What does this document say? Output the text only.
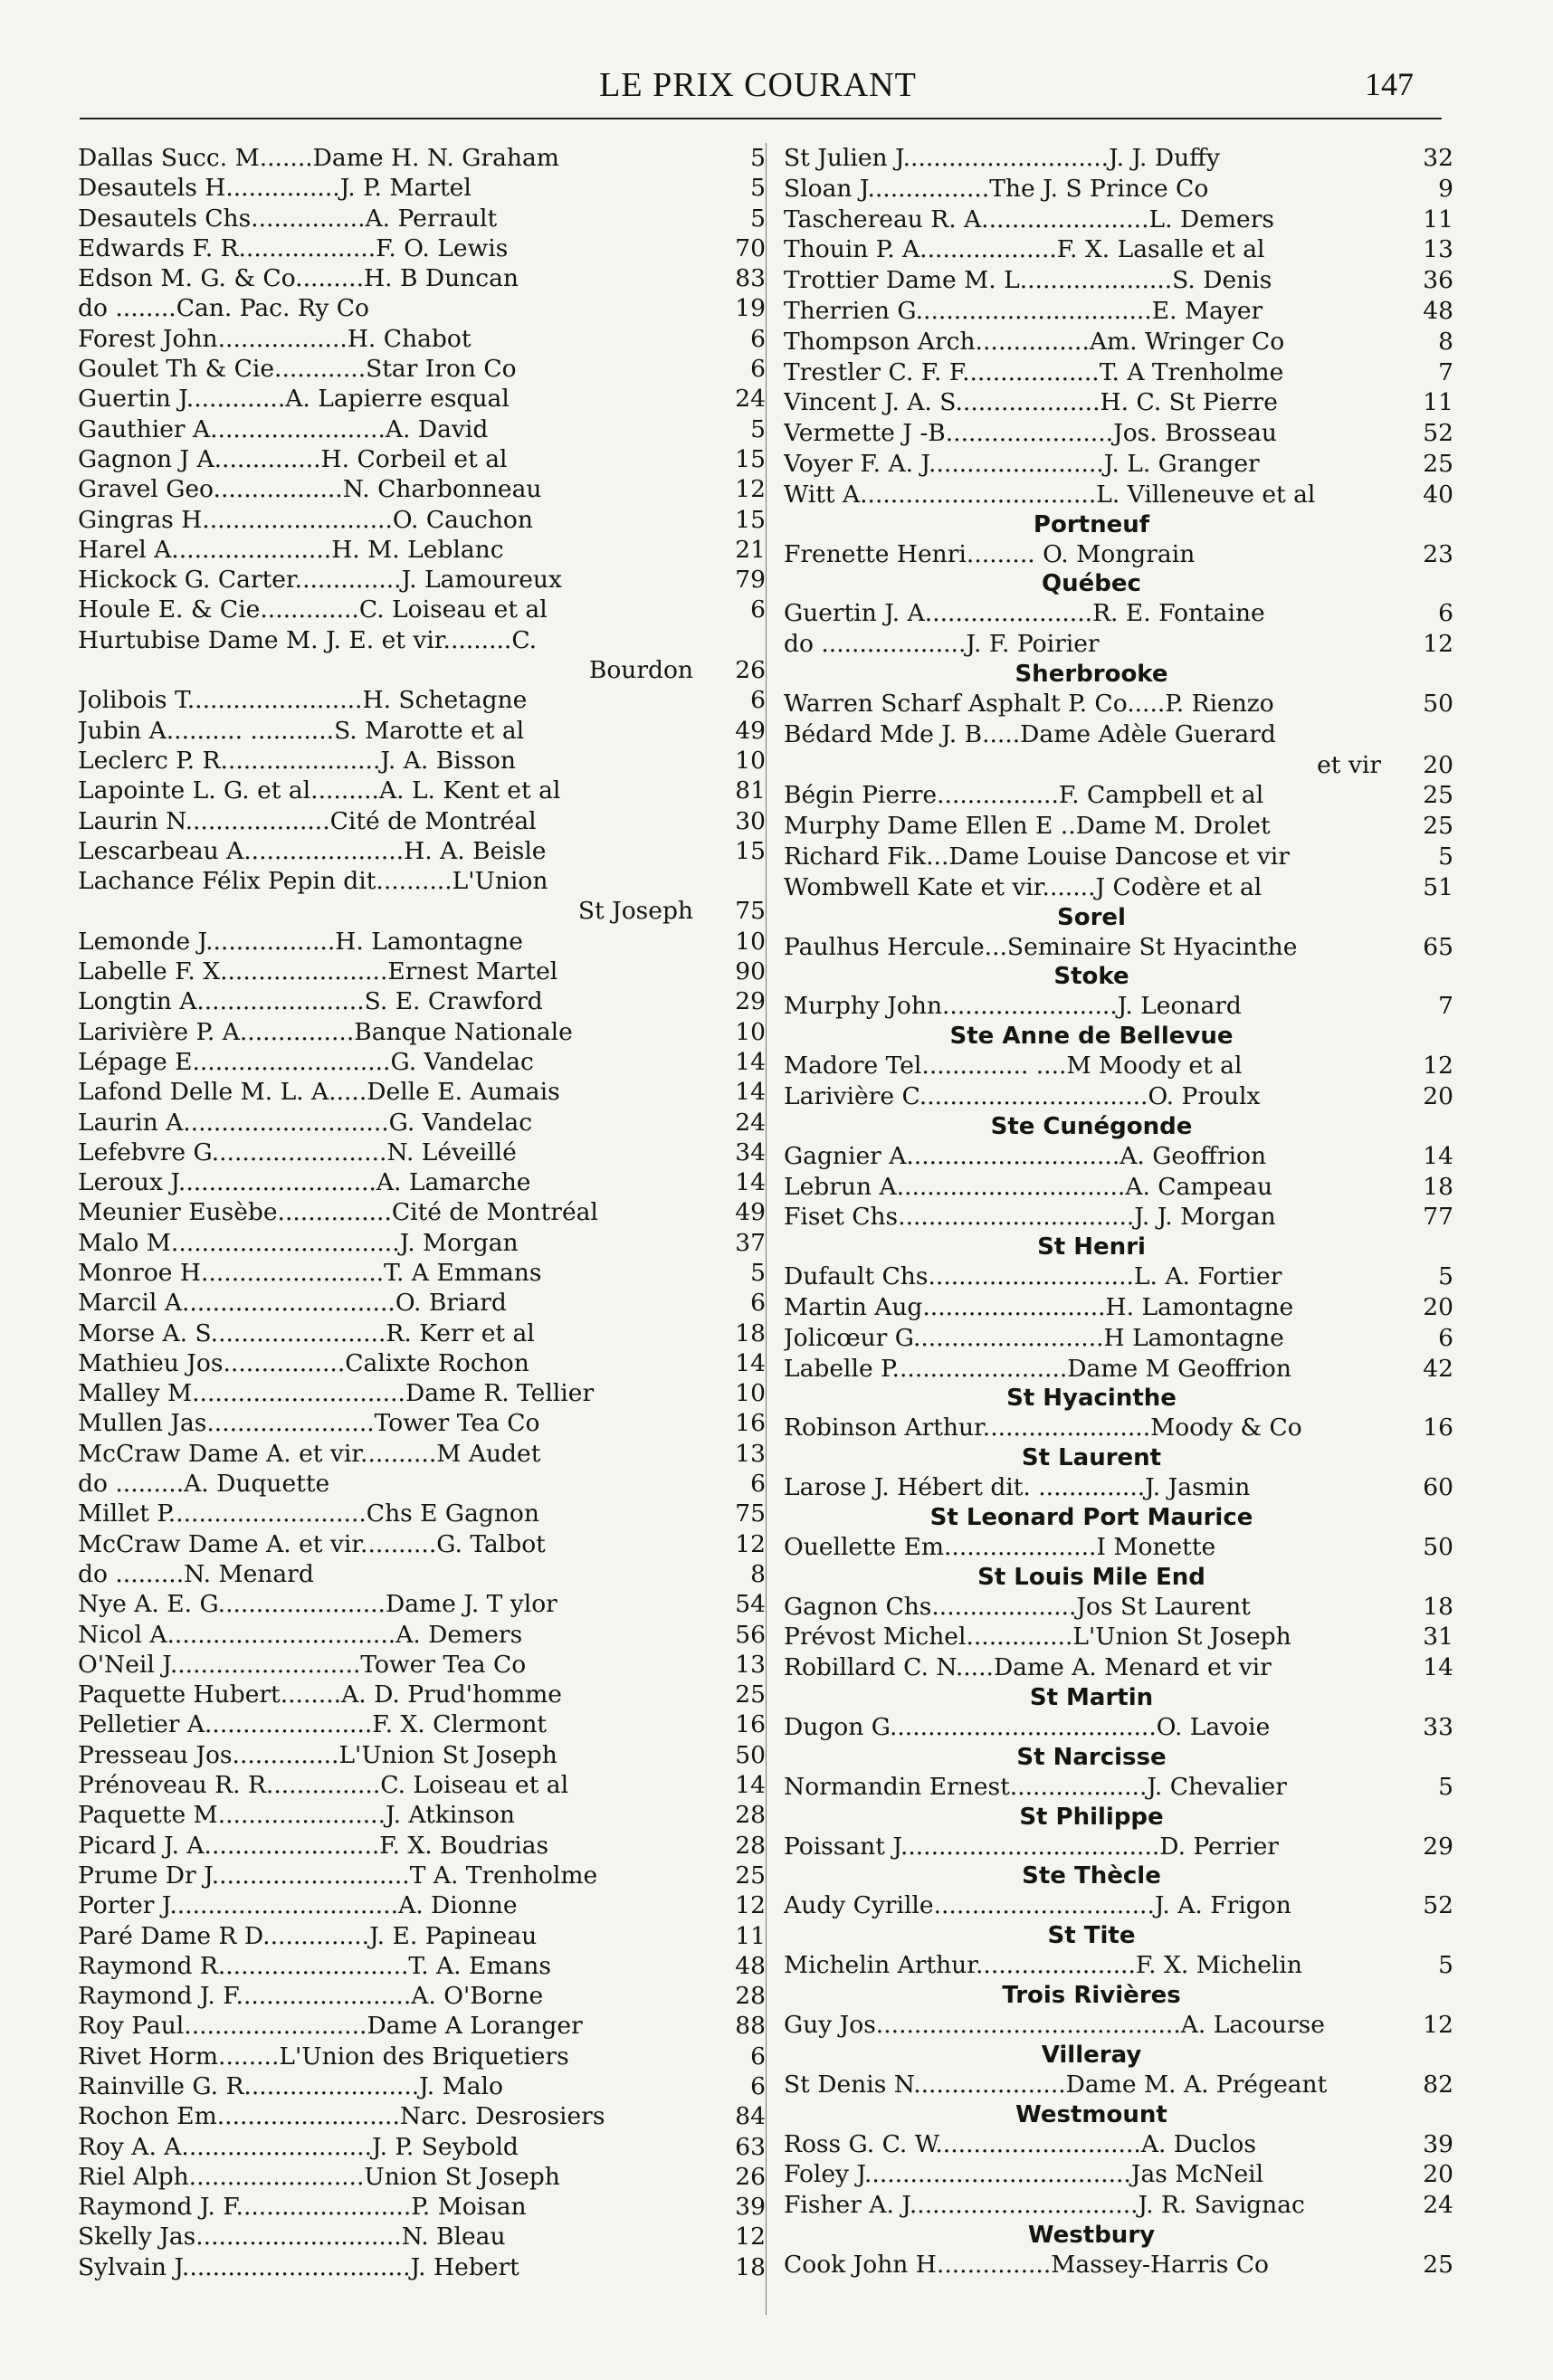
LE PRIX COURANT	147
Dallas Succ. M.......Dame H. N. Graham	5
Desautels H...............J. P. Martel	5
Desautels Chs...............A. Perrault	5
Edwards F. R..................F. O. Lewis	70
Edson M. G. & Co.........H. B Duncan	83
do ........Can. Pac. Ry Co	19
Forest John.................H. Chabot	6
Goulet Th & Cie............Star Iron Co	6
Guertin J.............A. Lapierre esqual	24
Gauthier A.......................A. David	5
Gagnon J A..............H. Corbeil et al	15
Gravel Geo.................N. Charbonneau	12
Gingras H.........................O. Cauchon	15
Harel A.....................H. M. Leblanc	21
Hickock G. Carter..............J. Lamoureux	79
Houle E. & Cie.............C. Loiseau et al	6
Hurtubise Dame M. J. E. et vir.........C.
Bourdon	26
Jolibois T.......................H. Schetagne	6
Jubin A.......... ...........S. Marotte et al	49
Leclerc P. R.....................J. A. Bisson	10
Lapointe L. G. et al.........A. L. Kent et al	81
Laurin N...................Cité de Montréal	30
Lescarbeau A.....................H. A. Beisle	15
Lachance Félix Pepin dit..........L'Union
St Joseph	75
Lemonde J.................H. Lamontagne	10
Labelle F. X......................Ernest Martel	90
Longtin A......................S. E. Crawford	29
Larivière P. A...............Banque Nationale	10
Lépage E..........................G. Vandelac	14
Lafond Delle M. L. A.....Delle E. Aumais	14
Laurin A...........................G. Vandelac	24
Lefebvre G.......................N. Léveillé	34
Leroux J..........................A. Lamarche	14
Meunier Eusèbe...............Cité de Montréal	49
Malo M..............................J. Morgan	37
Monroe H........................T. A Emmans	5
Marcil A............................O. Briard	6
Morse A. S.......................R. Kerr et al	18
Mathieu Jos................Calixte Rochon	14
Malley M............................Dame R. Tellier	10
Mullen Jas......................Tower Tea Co	16
McCraw Dame A. et vir..........M Audet	13
do .........A. Duquette	6
Millet P..........................Chs E Gagnon	75
McCraw Dame A. et vir..........G. Talbot	12
do .........N. Menard	8
Nye A. E. G......................Dame J. T ylor	54
Nicol A..............................A. Demers	56
O'Neil J.........................Tower Tea Co	13
Paquette Hubert........A. D. Prud'homme	25
Pelletier A......................F. X. Clermont	16
Presseau Jos..............L'Union St Joseph	50
Prénoveau R. R...............C. Loiseau et al	14
Paquette M......................J. Atkinson	28
Picard J. A.......................F. X. Boudrias	28
Prume Dr J..........................T A. Trenholme	25
Porter J..............................A. Dionne	12
Paré Dame R D..............J. E. Papineau	11
Raymond R.........................T. A. Emans	48
Raymond J. F.......................A. O'Borne	28
Roy Paul........................Dame A Loranger	88
Rivet Horm........L'Union des Briquetiers	6
Rainville G. R.......................J. Malo	6
Rochon Em........................Narc. Desrosiers	84
Roy A. A.........................J. P. Seybold	63
Riel Alph.......................Union St Joseph	26
Raymond J. F.......................P. Moisan	39
Skelly Jas...........................N. Bleau	12
Sylvain J..............................J. Hebert	18
St Julien J...........................J. J. Duffy	32
Sloan J................The J. S Prince Co	9
Taschereau R. A......................L. Demers	11
Thouin P. A..................F. X. Lasalle et al	13
Trottier Dame M. L....................S. Denis	36
Therrien G...............................E. Mayer	48
Thompson Arch...............Am. Wringer Co	8
Trestler C. F. F..................T. A Trenholme	7
Vincent J. A. S...................H. C. St Pierre	11
Vermette J -B......................Jos. Brosseau	52
Voyer F. A. J.......................J. L. Granger	25
Witt A...............................L. Villeneuve et al	40
Portneuf
Frenette Henri......... O. Mongrain	23
Québec
Guertin J. A......................R. E. Fontaine	6
do ...................J. F. Poirier	12
Sherbrooke
Warren Scharf Asphalt P. Co.....P. Rienzo	50
Bédard Mde J. B.....Dame Adèle Guerard
et vir	20
Bégin Pierre................F. Campbell et al	25
Murphy Dame Ellen E ..Dame M. Drolet	25
Richard Fik...Dame Louise Dancose et vir	5
Wombwell Kate et vir.......J Codère et al	51
Sorel
Paulhus Hercule...Seminaire St Hyacinthe	65
Stoke
Murphy John.......................J. Leonard	7
Ste Anne de Bellevue
Madore Tel.............. ....M Moody et al	12
Larivière C..............................O. Proulx	20
Ste Cunégonde
Gagnier A............................A. Geoffrion	14
Lebrun A..............................A. Campeau	18
Fiset Chs...............................J. J. Morgan	77
St Henri
Dufault Chs...........................L. A. Fortier	5
Martin Aug........................H. Lamontagne	20
Jolicœur G.........................H Lamontagne	6
Labelle P.......................Dame M Geoffrion	42
St Hyacinthe
Robinson Arthur......................Moody & Co	16
St Laurent
Larose J. Hébert dit. ..............J. Jasmin	60
St Leonard Port Maurice
Ouellette Em....................I Monette	50
St Louis Mile End
Gagnon Chs...................Jos St Laurent	18
Prévost Michel..............L'Union St Joseph	31
Robillard C. N.....Dame A. Menard et vir	14
St Martin
Dugon G...................................O. Lavoie	33
St Narcisse
Normandin Ernest..................J. Chevalier	5
St Philippe
Poissant J..................................D. Perrier	29
Ste Thècle
Audy Cyrille.............................J. A. Frigon	52
St Tite
Michelin Arthur.....................F. X. Michelin	5
Trois Rivières
Guy Jos........................................A. Lacourse	12
Villeray
St Denis N....................Dame M. A. Prégeant	82
Westmount
Ross G. C. W...........................A. Duclos	39
Foley J...................................Jas McNeil	20
Fisher A. J..............................J. R. Savignac	24
Westbury
Cook John H...............Massey-Harris Co	25
